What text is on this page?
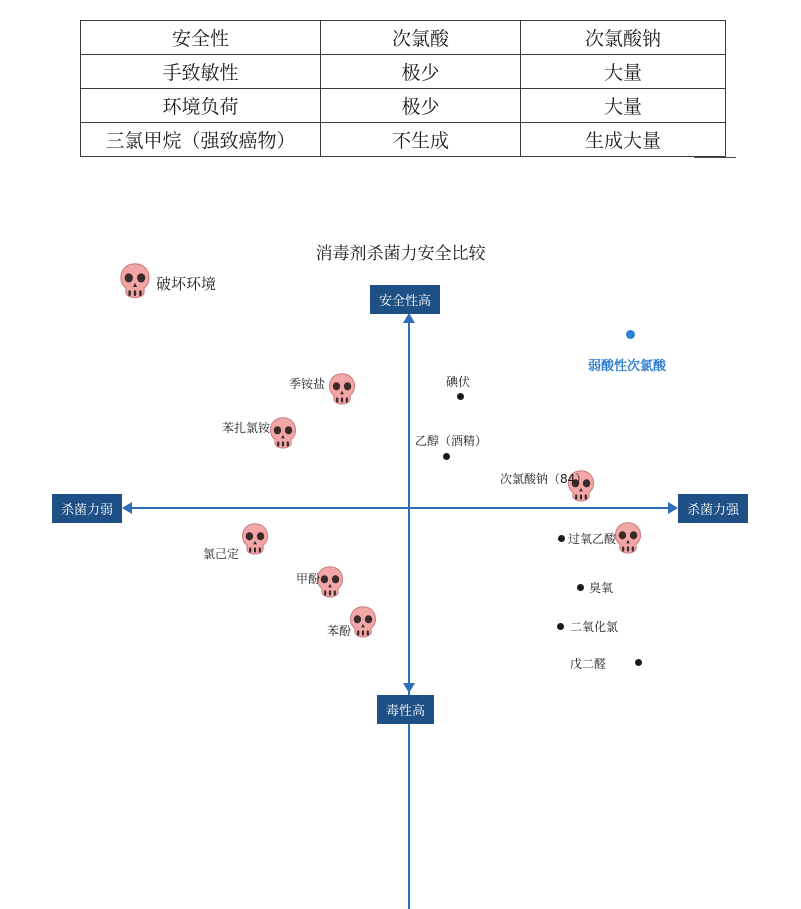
安全性	次氯酸	次氯酸钠
手致敏性	极少	大量
环境负荷	极少	大量
三氯甲烷（强致癌物）	不生成	生成大量
消毒剂杀菌力安全比较
安全性高
毒性高
杀菌力弱	杀菌力强
破坏环境
弱酸性次氯酸
碘伏
乙醇（酒精）
季铵盐
苯扎氯铵
次氯酸钠（84）
氯己定
甲酚
苯酚
过氧乙酸
臭氧
二氧化氯
戊二醛
